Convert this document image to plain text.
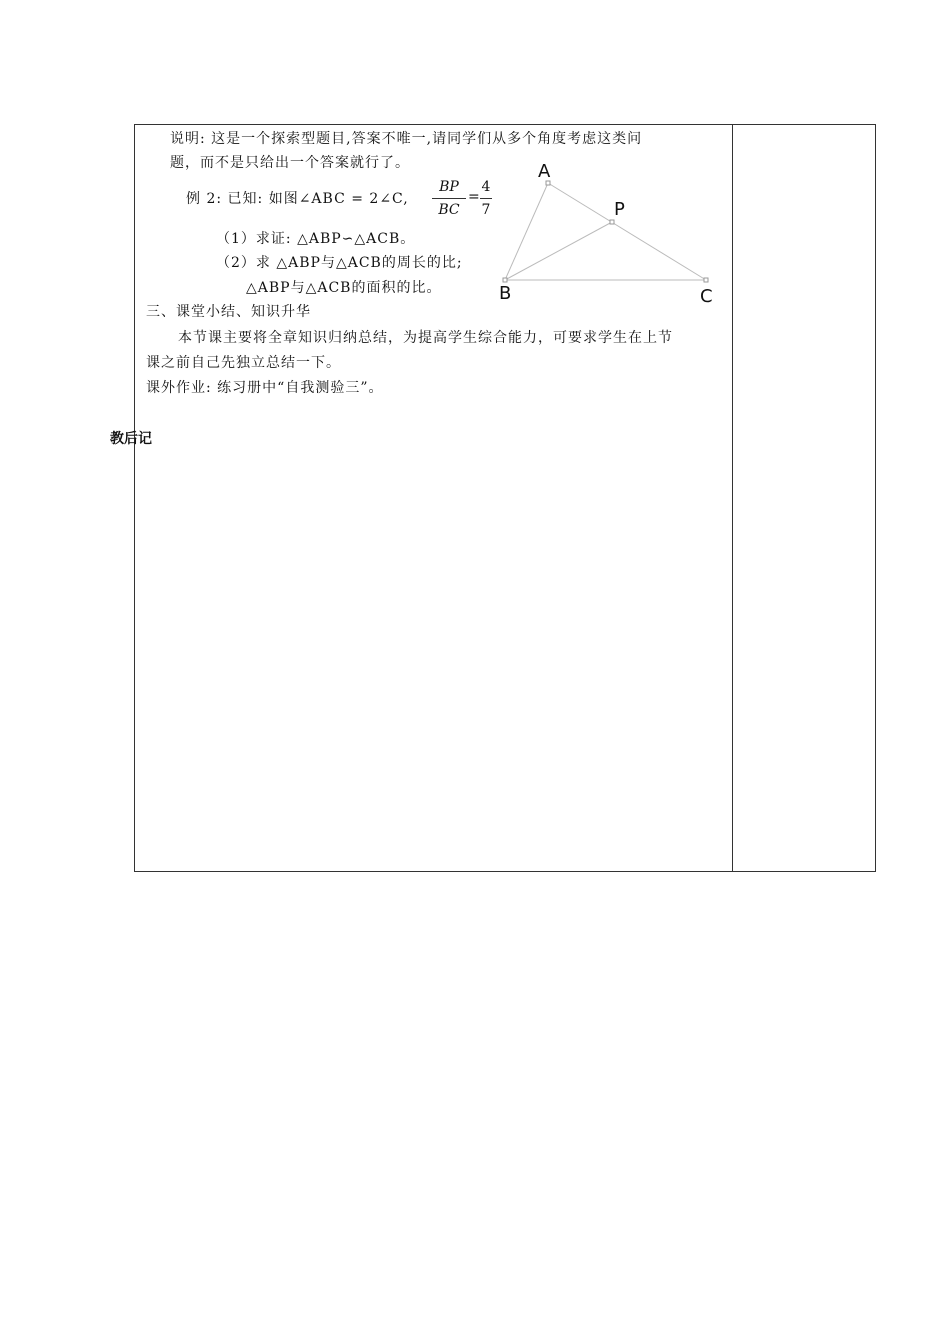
说明: 这是一个探索型题目,答案不唯一,请同学们从多个角度考虑这类问
题，而不是只给出一个答案就行了。
例 2: 已知: 如图∠ABC = 2∠C,
BP
BC
=
4
7
（1）求证: △ABP∽△ACB。
（2）求 △ABP与△ACB的周长的比;
△ABP与△ACB的面积的比。
三、课堂小结、知识升华
本节课主要将全章知识归纳总结，为提高学生综合能力，可要求学生在上节
课之前自己先独立总结一下。
课外作业: 练习册中“自我测验三”。
A
P
B	C
教后记
